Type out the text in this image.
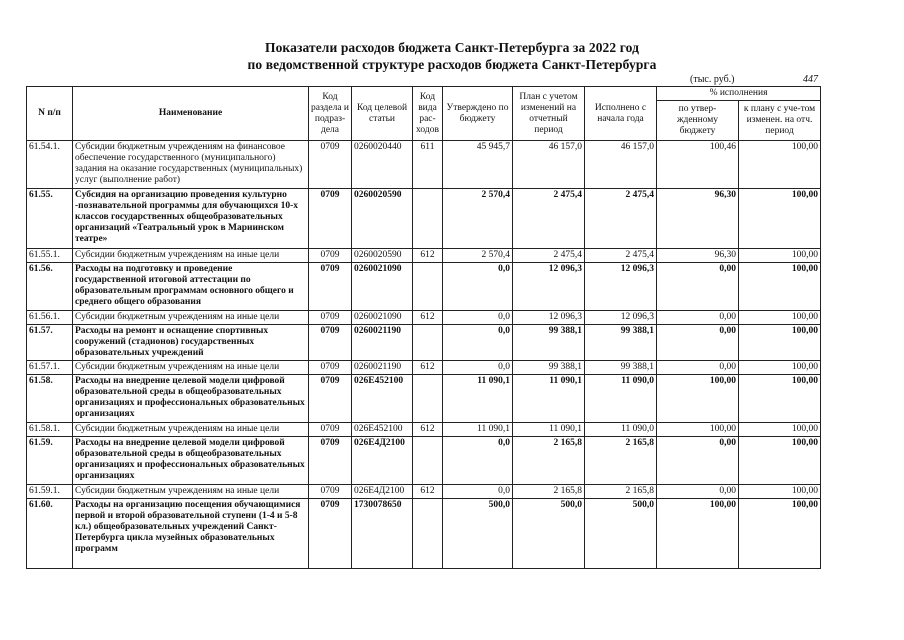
Показатели расходов бюджета Санкт-Петербурга за 2022 год
по ведомственной структуре расходов бюджета Санкт-Петербурга
(тыс. руб.)	447
N п/п	Наименование	Код раздела и подраз-дела	Код целевой статьи	Код вида рас-ходов	Утверждено по бюджету	План с учетом изменений на отчетный период	Исполнено с начала года	% исполнения	
								по утвер-жденному бюджету	к плану с уче-том изменен. на отч. период
61.54.1.	Субсидии бюджетным учреждениям на финансовое обеспечение государственного (муниципального) задания на оказание государственных (муниципальных) услуг (выполнение работ)	0709	0260020440	611	45 945,7	46 157,0	46 157,0	100,46	100,00
61.55.	Субсидия на организацию проведения культурно -познавательной программы для обучающихся 10-х классов государственных общеобразовательных организаций «Театральный урок в Мариинском театре»	0709	0260020590		2 570,4	2 475,4	2 475,4	96,30	100,00
61.55.1.	Субсидии бюджетным учреждениям на иные цели	0709	0260020590	612	2 570,4	2 475,4	2 475,4	96,30	100,00
61.56.	Расходы на подготовку и проведение государственной итоговой аттестации по образовательным программам основного общего и среднего общего образования	0709	0260021090		0,0	12 096,3	12 096,3	0,00	100,00
61.56.1.	Субсидии бюджетным учреждениям на иные цели	0709	0260021090	612	0,0	12 096,3	12 096,3	0,00	100,00
61.57.	Расходы на ремонт и оснащение спортивных сооружений (стадионов) государственных образовательных учреждений	0709	0260021190		0,0	99 388,1	99 388,1	0,00	100,00
61.57.1.	Субсидии бюджетным учреждениям на иные цели	0709	0260021190	612	0,0	99 388,1	99 388,1	0,00	100,00
61.58.	Расходы на внедрение целевой модели цифровой образовательной среды в общеобразовательных организациях и профессиональных образовательных организациях	0709	026E452100		11 090,1	11 090,1	11 090,0	100,00	100,00
61.58.1.	Субсидии бюджетным учреждениям на иные цели	0709	026E452100	612	11 090,1	11 090,1	11 090,0	100,00	100,00
61.59.	Расходы на внедрение целевой модели цифровой образовательной среды в общеобразовательных организациях и профессиональных образовательных организациях	0709	026Е4Д2100		0,0	2 165,8	2 165,8	0,00	100,00
61.59.1.	Субсидии бюджетным учреждениям на иные цели	0709	026Е4Д2100	612	0,0	2 165,8	2 165,8	0,00	100,00
61.60.	Расходы на организацию посещения обучающимися первой и второй образовательной ступени (1-4 и 5-8 кл.) общеобразовательных учреждений Санкт-Петербурга цикла музейных образовательных программ	0709	1730078650		500,0	500,0	500,0	100,00	100,00
